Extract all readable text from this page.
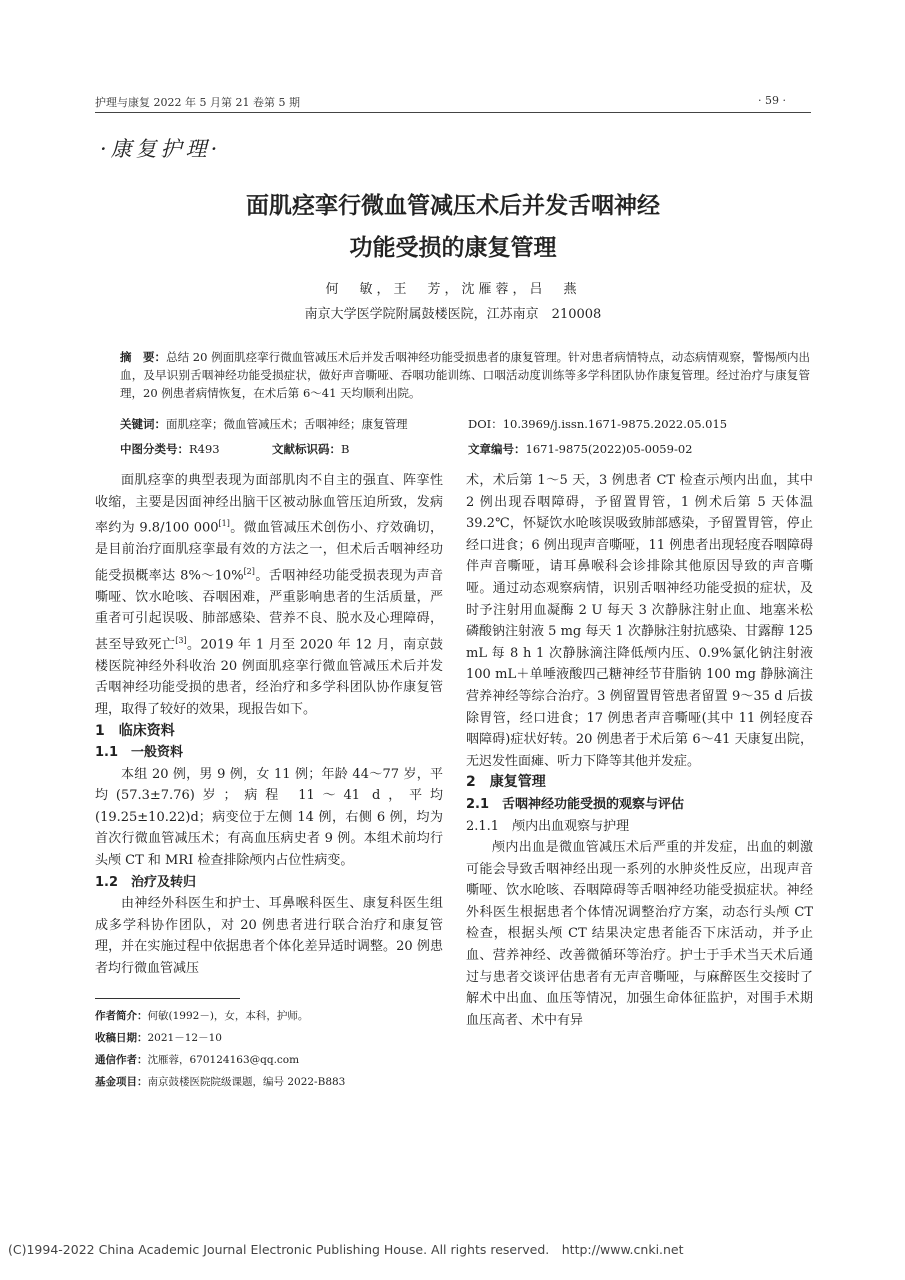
护理与康复 2022 年 5 月第 21 卷第 5 期	· 59 ·
·康复护理·
面肌痉挛行微血管减压术后并发舌咽神经
功能受损的康复管理
何　敏，王　芳，沈雁蓉，吕　燕
南京大学医学院附属鼓楼医院，江苏南京　210008
摘　要：总结 20 例面肌痉挛行微血管减压术后并发舌咽神经功能受损患者的康复管理。针对患者病情特点，动态病情观察，警惕颅内出血，及早识别舌咽神经功能受损症状，做好声音嘶哑、吞咽功能训练、口咽活动度训练等多学科团队协作康复管理。经过治疗与康复管理，20 例患者病情恢复，在术后第 6～41 天均顺利出院。
关键词：面肌痉挛；微血管减压术；舌咽神经；康复管理	DOI：10.3969/j.issn.1671-9875.2022.05.015
中图分类号：R493	文献标识码：B	文章编号：1671-9875(2022)05-0059-02

面肌痉挛的典型表现为面部肌肉不自主的强直、阵挛性收缩，主要是因面神经出脑干区被动脉血管压迫所致，发病率约为 9.8/100 000[1]。微血管减压术创伤小、疗效确切，是目前治疗面肌痉挛最有效的方法之一，但术后舌咽神经功能受损概率达 8%～10%[2]。舌咽神经功能受损表现为声音嘶哑、饮水呛咳、吞咽困难，严重影响患者的生活质量，严重者可引起误吸、肺部感染、营养不良、脱水及心理障碍，甚至导致死亡[3]。2019 年 1 月至 2020 年 12 月，南京鼓楼医院神经外科收治 20 例面肌痉挛行微血管减压术后并发舌咽神经功能受损的患者，经治疗和多学科团队协作康复管理，取得了较好的效果，现报告如下。

1　临床资料

1.1　一般资料

本组 20 例，男 9 例，女 11 例；年龄 44～77 岁，平均(57.3±7.76)岁；病程 11～41 d，平均(19.25±10.22)d；病变位于左侧 14 例，右侧 6 例，均为首次行微血管减压术；有高血压病史者 9 例。本组术前均行头颅 CT 和 MRI 检查排除颅内占位性病变。

1.2　治疗及转归

由神经外科医生和护士、耳鼻喉科医生、康复科医生组成多学科协作团队，对 20 例患者进行联合治疗和康复管理，并在实施过程中依据患者个体化差异适时调整。20 例患者均行微血管减压

术，术后第 1～5 天，3 例患者 CT 检查示颅内出血，其中 2 例出现吞咽障碍，予留置胃管，1 例术后第 5 天体温 39.2℃，怀疑饮水呛咳误吸致肺部感染，予留置胃管，停止经口进食；6 例出现声音嘶哑，11 例患者出现轻度吞咽障碍伴声音嘶哑，请耳鼻喉科会诊排除其他原因导致的声音嘶哑。通过动态观察病情，识别舌咽神经功能受损的症状，及时予注射用血凝酶 2 U 每天 3 次静脉注射止血、地塞米松磷酸钠注射液 5 mg 每天 1 次静脉注射抗感染、甘露醇 125 mL 每 8 h 1 次静脉滴注降低颅内压、0.9%氯化钠注射液 100 mL＋单唾液酸四己糖神经节苷脂钠 100 mg 静脉滴注营养神经等综合治疗。3 例留置胃管患者留置 9～35 d 后拔除胃管，经口进食；17 例患者声音嘶哑(其中 11 例轻度吞咽障碍)症状好转。20 例患者于术后第 6～41 天康复出院，无迟发性面瘫、听力下降等其他并发症。

2　康复管理

2.1　舌咽神经功能受损的观察与评估

2.1.1　颅内出血观察与护理

颅内出血是微血管减压术后严重的并发症，出血的刺激可能会导致舌咽神经出现一系列的水肿炎性反应，出现声音嘶哑、饮水呛咳、吞咽障碍等舌咽神经功能受损症状。神经外科医生根据患者个体情况调整治疗方案，动态行头颅 CT 检查，根据头颅 CT 结果决定患者能否下床活动，并予止血、营养神经、改善微循环等治疗。护士于手术当天术后通过与患者交谈评估患者有无声音嘶哑，与麻醉医生交接时了解术中出血、血压等情况，加强生命体征监护，对围手术期血压高者、术中有异

作者简介：何敏(1992－)，女，本科，护师。
收稿日期：2021－12－10
通信作者：沈雁蓉，670124163@qq.com
基金项目：南京鼓楼医院院级课题，编号 2022-B883
(C)1994-2022 China Academic Journal Electronic Publishing House. All rights reserved.　http://www.cnki.net
